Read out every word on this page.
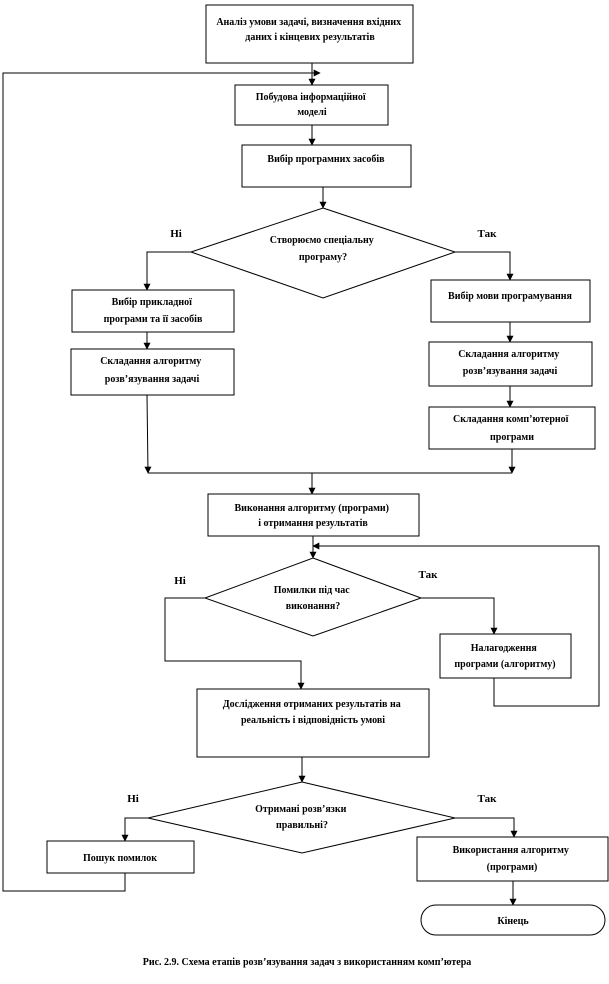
Аналіз умови задачі, визначення вхідних даних і кінцевих результатів
Побудова інформаційної моделі
Вибір програмних засобів
Створюємо спеціальну програму?
Вибір прикладної програми та її засобів
Складання алгоритму розв’язування задачі
Вибір мови програмування
Складання алгоритму розв’язування задачі
Складання комп’ютерної програми
Виконання алгоритму (програми) і отримання результатів
Помилки під час виконання?
Налагодження програми (алгоритму)
Дослідження отриманих результатів на реальність і відповідність умові
Отримані розв’язки правильні?
Пошук помилок
Використання алгоритму (програми)
Кінець
Ні	Так
Ні	Так
Ні	Так
Рис. 2.9. Схема етапів розв’язування задач з використанням комп’ютера
